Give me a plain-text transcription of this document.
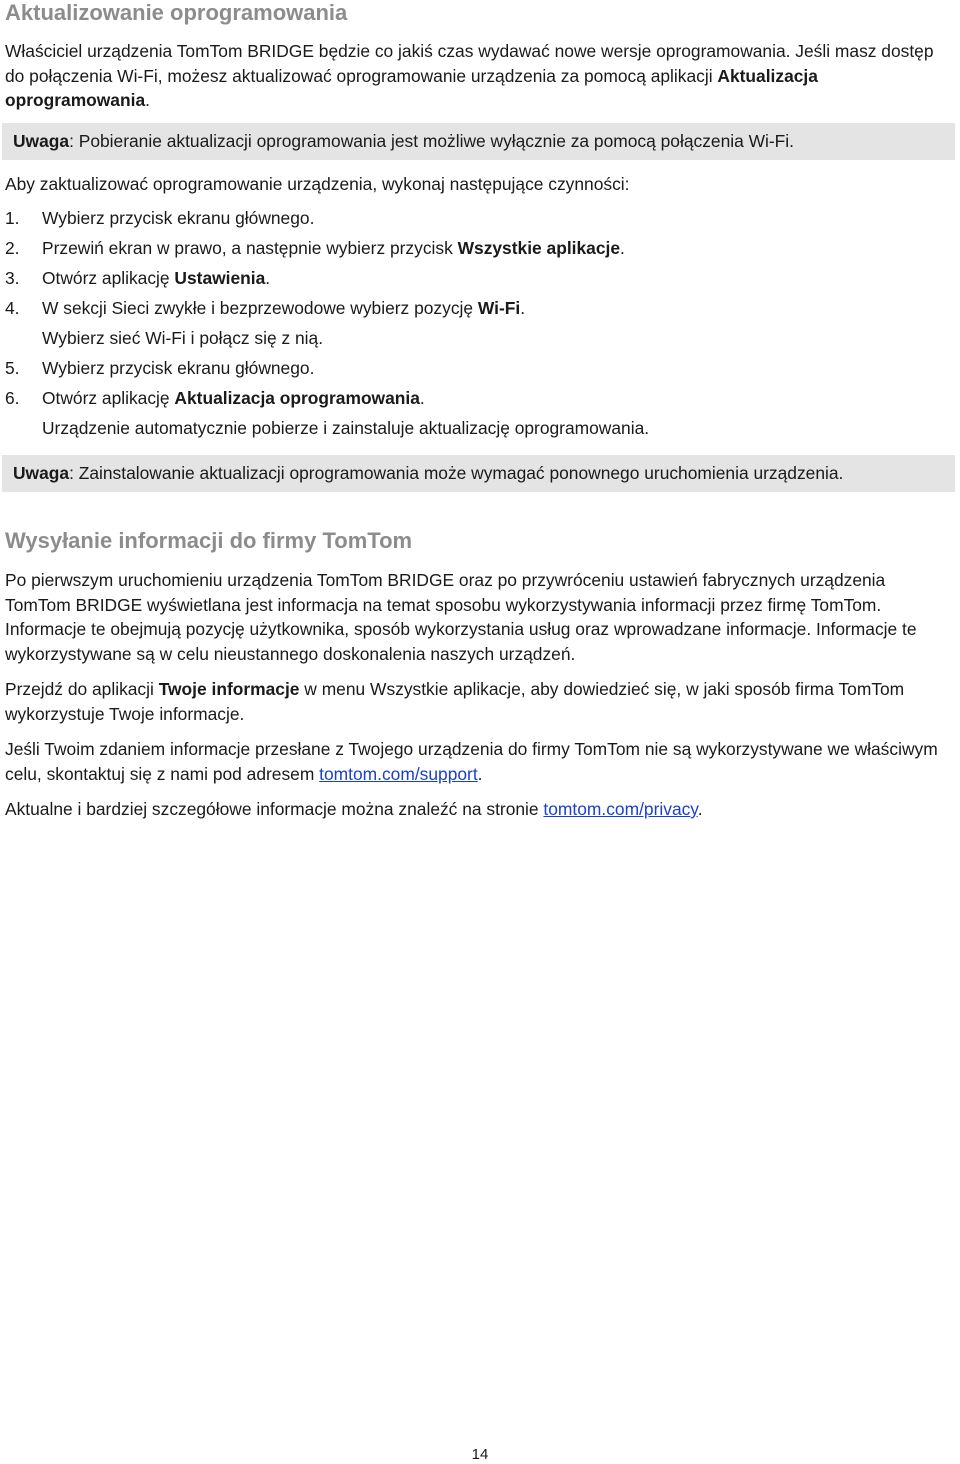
Aktualizowanie oprogramowania

Właściciel urządzenia TomTom BRIDGE będzie co jakiś czas wydawać nowe wersje oprogramowania. Jeśli masz dostęp do połączenia Wi-Fi, możesz aktualizować oprogramowanie urządzenia za pomocą aplikacji Aktualizacja oprogramowania.

Uwaga: Pobieranie aktualizacji oprogramowania jest możliwe wyłącznie za pomocą połączenia Wi-Fi.

Aby zaktualizować oprogramowanie urządzenia, wykonaj następujące czynności:

1. Wybierz przycisk ekranu głównego.
2. Przewiń ekran w prawo, a następnie wybierz przycisk Wszystkie aplikacje.
3. Otwórz aplikację Ustawienia.
4. W sekcji Sieci zwykłe i bezprzewodowe wybierz pozycję Wi-Fi.
Wybierz sieć Wi-Fi i połącz się z nią.
5. Wybierz przycisk ekranu głównego.
6. Otwórz aplikację Aktualizacja oprogramowania.
Urządzenie automatycznie pobierze i zainstaluje aktualizację oprogramowania.

Uwaga: Zainstalowanie aktualizacji oprogramowania może wymagać ponownego uruchomienia urządzenia.

Wysyłanie informacji do firmy TomTom

Po pierwszym uruchomieniu urządzenia TomTom BRIDGE oraz po przywróceniu ustawień fabrycznych urządzenia TomTom BRIDGE wyświetlana jest informacja na temat sposobu wykorzystywania informacji przez firmę TomTom. Informacje te obejmują pozycję użytkownika, sposób wykorzystania usług oraz wprowadzane informacje. Informacje te wykorzystywane są w celu nieustannego doskonalenia naszych urządzeń.

Przejdź do aplikacji Twoje informacje w menu Wszystkie aplikacje, aby dowiedzieć się, w jaki sposób firma TomTom wykorzystuje Twoje informacje.

Jeśli Twoim zdaniem informacje przesłane z Twojego urządzenia do firmy TomTom nie są wykorzystywane we właściwym celu, skontaktuj się z nami pod adresem tomtom.com/support.

Aktualne i bardziej szczegółowe informacje można znaleźć na stronie tomtom.com/privacy.

14
